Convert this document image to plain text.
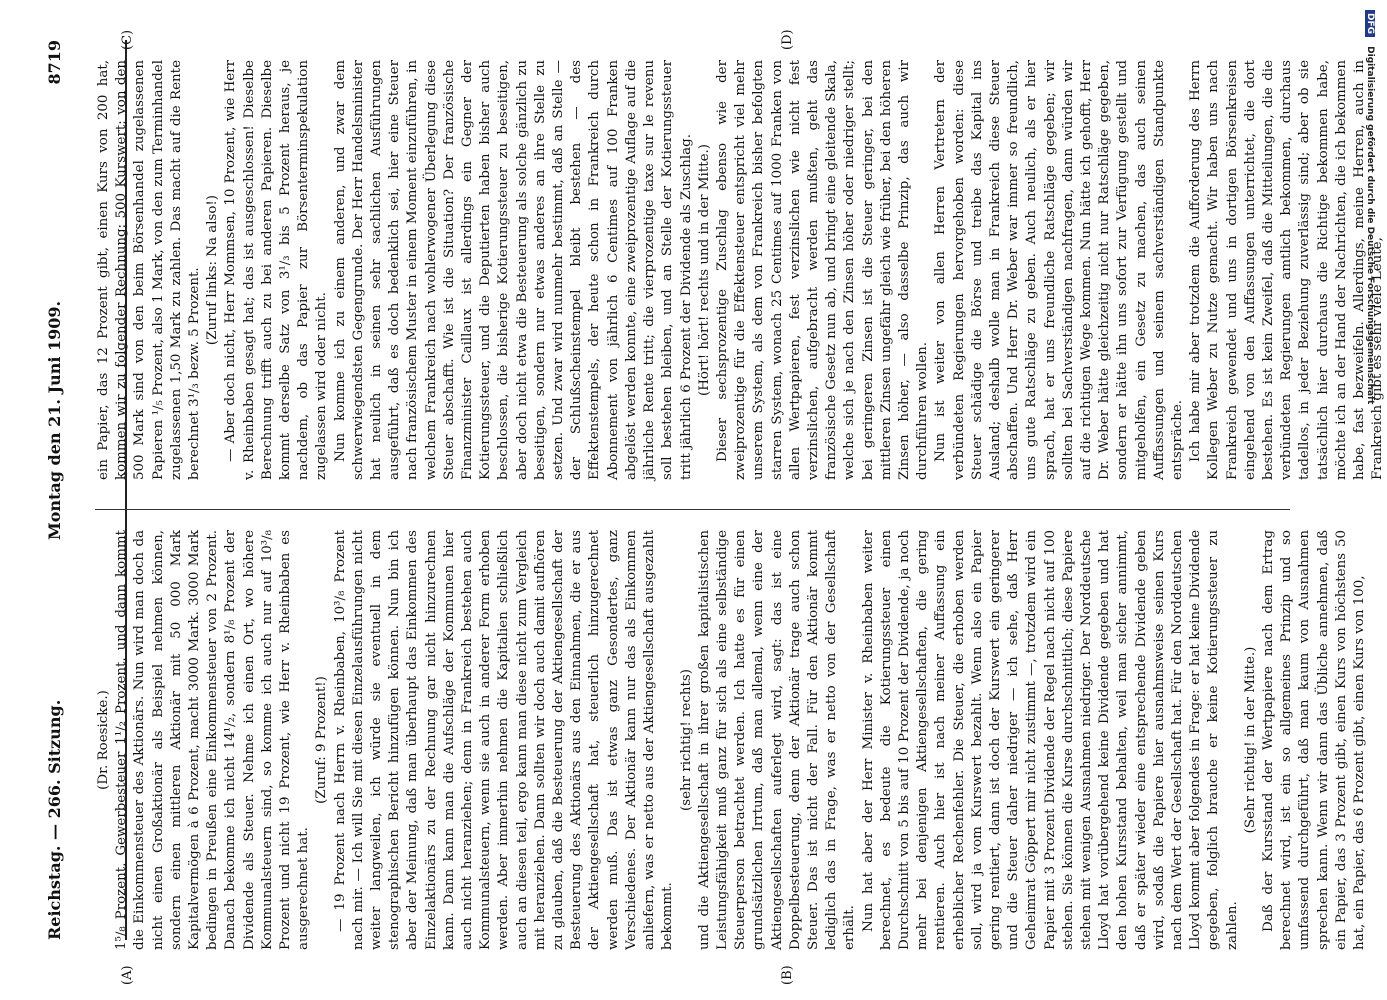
Reichstag. — 266. Sitzung.
Montag den 21. Juni 1909.
8719
(A)	(B)
(C)	(D)

(Dr. Roesicke.) 1⁵/₈ Prozent, Gewerbesteuer 1¹/₂ Prozent, und dann kommt die Einkommensteuer des Aktionärs. Nun wird man doch da nicht einen Großaktionär als Beispiel nehmen können, sondern einen mittleren Aktionär mit 50 000 Mark Kapitalvermögen à 6 Prozent, macht 3000 Mark. 3000 Mark bedingen in Preußen eine Einkommensteuer von 2 Prozent. Danach bekomme ich nicht 14¹/₂, sondern 8¹/₈ Prozent der Dividende als Steuer. Nehme ich einen Ort, wo höhere Kommunalsteuern sind, so komme ich auch nur auf 10³/₈ Prozent und nicht 19 Prozent, wie Herr v. Rheinbaben es ausgerechnet hat.

(Zuruf: 9 Prozent!) — 19 Prozent nach Herrn v. Rheinbaben, 10³/₈ Prozent nach mir. — Ich will Sie mit diesen Einzelausführungen nicht weiter langweilen, ich würde sie eventuell in dem stenographischen Bericht hinzufügen können. Nun bin ich aber der Meinung, daß man überhaupt das Einkommen des Einzelaktionärs zu der Rechnung gar nicht hinzurechnen kann. Dann kann man die Aufschläge der Kommunen hier auch nicht heranziehen; denn in Frankreich bestehen auch Kommunalsteuern, wenn sie auch in anderer Form erhoben werden. Aber immerhin nehmen die Kapitalien schließlich auch an diesen teil, ergo kann man diese nicht zum Vergleich mit heranziehen. Dann sollten wir doch auch damit aufhören zu glauben, daß die Besteuerung der Aktiengesellschaft der Besteuerung des Aktionärs aus den Einnahmen, die er aus der Aktiengesellschaft hat, steuerlich hinzugerechnet werden muß. Das ist etwas ganz Gesondertes, ganz Verschiedenes. Der Aktionär kann nur das als Einkommen anliefern, was er netto aus der Aktiengesellschaft ausgezahlt bekommt.

(sehr richtig! rechts) und die Aktiengesellschaft in ihrer großen kapitalistischen Leistungsfähigkeit muß ganz für sich als eine selbständige Steuerperson betrachtet werden. Ich hatte es für einen grundsätzlichen Irrtum, daß man allemal, wenn eine der Aktiengesellschaften auferlegt wird, sagt: das ist eine Doppelbesteuerung, denn der Aktionär trage auch schon Steuer. Das ist nicht der Fall. Für den Aktionär kommt lediglich das in Frage, was er netto von der Gesellschaft erhält. Nun hat aber der Herr Minister v. Rheinbaben weiter berechnet, es bedeute die Kotierungssteuer einen Durchschnitt von 5 bis auf 10 Prozent der Dividende, ja noch mehr bei denjenigen Aktiengesellschaften, die gering rentieren. Auch hier ist nach meiner Auffassung ein erheblicher Rechenfehler. Die Steuer, die erhoben werden soll, wird ja vom Kurswert bezahlt. Wenn also ein Papier gering rentiert, dann ist doch der Kurswert ein geringerer und die Steuer daher niedriger — ich sehe, daß Herr Geheimrat Göppert mir nicht zustimmt —, trotzdem wird ein Papier mit 3 Prozent Dividende der Regel nach nicht auf 100 stehen. Sie können die Kurse durchschnittlich; diese Papiere stehen mit wenigen Ausnahmen niedriger. Der Norddeutsche Lloyd hat vorübergehend keine Dividende gegeben und hat den hohen Kursstand behalten, weil man sicher annimmt, daß er später wieder eine entsprechende Dividende geben wird, sodaß die Papiere hier ausnahmsweise seinen Kurs nach dem Wert der Gesellschaft hat. Für den Norddeutschen Lloyd kommt aber folgendes in Frage: er hat keine Dividende gegeben, folglich brauche er keine Kotierungssteuer zu zahlen.

(Sehr richtig! in der Mitte.) Daß der Kursstand der Wertpapiere nach dem Ertrag berechnet wird, ist ein so allgemeines Prinzip und so umfassend durchgeführt, daß man kaum von Ausnahmen sprechen kann. Wenn wir dann das Übliche annehmen, daß ein Papier, das 3 Prozent gibt, einen Kurs von höchstens 50 hat, ein Papier, das 6 Prozent gibt, einen Kurs von 100,

ein Papier, das 12 Prozent gibt, einen Kurs von 200 hat, kommen wir zu folgender Rechnung: 500 Kurswert; von den 500 Mark sind von den beim Börsenhandel zugelassenen Papieren ¹/₅ Prozent, also 1 Mark, von den zum Terminhandel zugelassenen 1,50 Mark zu zahlen. Das macht auf die Rente berechnet 3¹/₃ bezw. 5 Prozent. (Zuruf links: Na also!) — Aber doch nicht, Herr Mommsen, 10 Prozent, wie Herr v. Rheinbaben gesagt hat; das ist ausgeschlossen! Dieselbe Berechnung trifft auch zu bei anderen Papieren. Dieselbe kommt derselbe Satz von 3¹/₃ bis 5 Prozent heraus, je nachdem, ob das Papier zur Börsenterminspekulation zugelassen wird oder nicht. Nun komme ich zu einem anderen, und zwar dem schwerwiegendsten Gegengrunde. Der Herr Handelsminister hat neulich in seinen sehr sachlichen Ausführungen ausgeführt, daß es doch bedenklich sei, hier eine Steuer nach französischem Muster in einem Moment einzuführen, in welchem Frankreich nach wohlerwogener Überlegung diese Steuer abschafft. Wie ist die Situation? Der französische Finanzminister Caillaux ist allerdings ein Gegner der Kotierungssteuer, und die Deputierten haben bisher auch beschlossen, die bisherige Kotierungssteuer zu beseitigen, aber doch nicht etwa die Besteuerung als solche gänzlich zu beseitigen, sondern nur etwas anderes an ihre Stelle zu setzen. Und zwar wird nunmehr bestimmt, daß an Stelle — der Schlußscheinstempel bleibt bestehen — des Effektenstempels, der heute schon in Frankreich durch Abonnement von jährlich 6 Centimes auf 100 Franken abgelöst werden konnte, eine zweiprozentige Auflage auf die jährliche Rente tritt; die vierprozentige taxe sur le revenu soll bestehen bleiben, und an Stelle der Kotierungssteuer tritt jährlich 6 Prozent der Dividende als Zuschlag. (Hört! hört! rechts und in der Mitte.) Dieser sechsprozentige Zuschlag ebenso wie der zweiprozentige für die Effektensteuer entspricht viel mehr unserem System, als dem von Frankreich bisher befolgten starren System, wonach 25 Centimes auf 1000 Franken von allen Wertpapieren, fest verzinslichen wie nicht fest verzinslichen, aufgebracht werden mußten, geht das französische Gesetz nun ab, und bringt eine gleitende Skala, welche sich je nach den Zinsen höher oder niedriger stellt; bei geringeren Zinsen ist die Steuer geringer, bei den mittleren Zinsen ungefähr gleich wie früher, bei den höheren Zinsen höher, — also dasselbe Prinzip, das auch wir durchführen wollen. Nun ist weiter von allen Herren Vertretern der verbündeten Regierungen hervorgehoben worden: diese Steuer schädige die Börse und treibe das Kapital ins Ausland; deshalb wolle man in Frankreich diese Steuer abschaffen. Und Herr Dr. Weber war immer so freundlich, uns gute Ratschläge zu geben. Auch neulich, als er hier sprach, hat er uns freundliche Ratschläge gegeben; wir sollten bei Sachverständigen nachfragen, dann würden wir auf die richtigen Wege kommen. Nun hätte ich gehofft, Herr Dr. Weber hätte gleichzeitig nicht nur Ratschläge gegeben, sondern er hätte ihn uns sofort zur Verfügung gestellt und mitgeholfen, ein Gesetz zu machen, das auch seinen Auffassungen und seinem sachverständigen Standpunkte entspräche. Ich habe mir aber trotzdem die Aufforderung des Herrn Kollegen Weber zu Nutze gemacht. Wir haben uns nach Frankreich gewendet und uns in dortigen Börsenkreisen eingehend von den Auffassungen unterrichtet, die dort bestehen. Es ist kein Zweifel, daß die Mitteilungen, die die verbündeten Regierungen amtlich bekommen, durchaus tadellos, in jeder Beziehung zuverlässig sind; aber ob sie tatsächlich hier durchaus die Richtige bekommen habe, möchte ich an der Hand der Nachrichten, die ich bekommen habe, fast bezweifeln. Allerdings, meine Herren, auch in Frankreich gibt es sehr viele Leute,

DFG Digitalisierung gefördert durch die Deutsche Forschungsgemeinschaft
